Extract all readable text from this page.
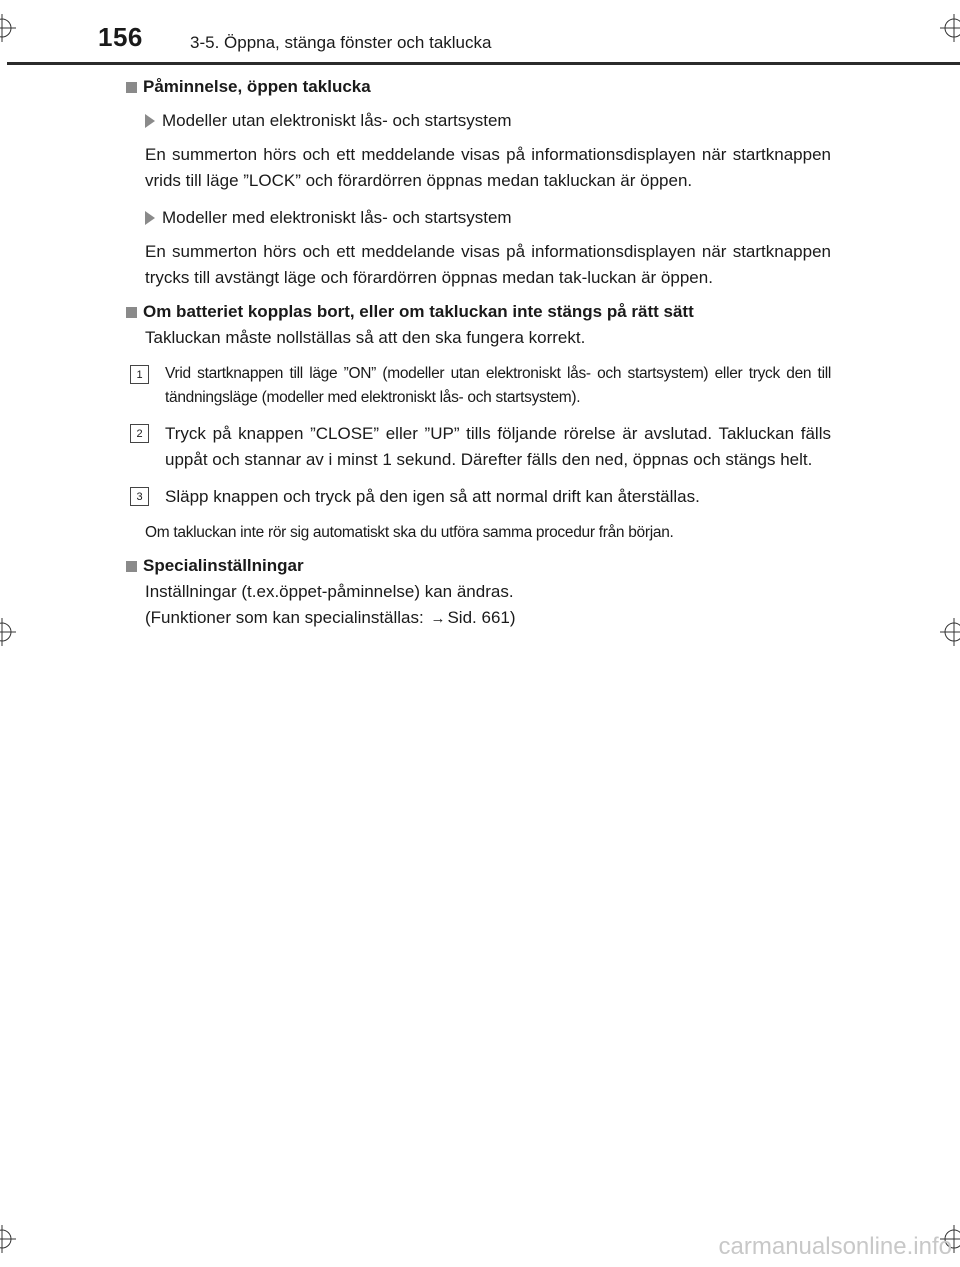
156	3-5. Öppna, stänga fönster och taklucka
Påminnelse, öppen taklucka
Modeller utan elektroniskt lås- och startsystem
En summerton hörs och ett meddelande visas på informationsdisplayen när startknappen vrids till läge ”LOCK” och förardörren öppnas medan takluckan är öppen.
Modeller med elektroniskt lås- och startsystem
En summerton hörs och ett meddelande visas på informationsdisplayen när startknappen trycks till avstängt läge och förardörren öppnas medan tak-luckan är öppen.
Om batteriet kopplas bort, eller om takluckan inte stängs på rätt sätt
Takluckan måste nollställas så att den ska fungera korrekt.
1	Vrid startknappen till läge ”ON” (modeller utan elektroniskt lås- och startsystem) eller tryck den till tändningsläge (modeller med elektroniskt lås- och startsystem).
2	Tryck på knappen ”CLOSE” eller ”UP” tills följande rörelse är avslutad. Takluckan fälls uppåt och stannar av i minst 1 sekund. Därefter fälls den ned, öppnas och stängs helt.
3	Släpp knappen och tryck på den igen så att normal drift kan återställas.
Om takluckan inte rör sig automatiskt ska du utföra samma procedur från början.
Specialinställningar
Inställningar (t.ex.öppet-påminnelse) kan ändras.
(Funktioner som kan specialinställas: → Sid. 661)
carmanualsonline.info
